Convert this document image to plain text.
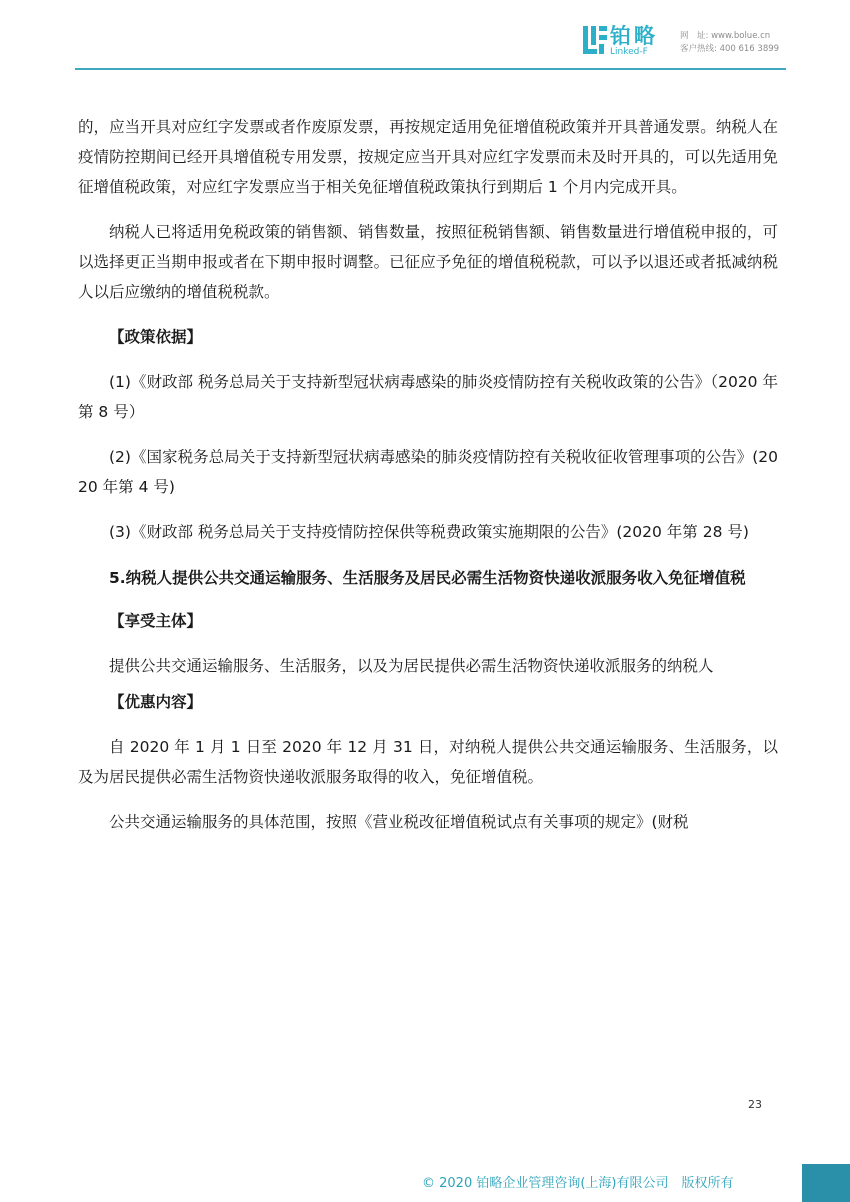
铂略
Linked-F
网　址: www.bolue.cn
客户热线: 400 616 3899

的，应当开具对应红字发票或者作废原发票，再按规定适用免征增值税政策并开具普通发票。纳税人在疫情防控期间已经开具增值税专用发票，按规定应当开具对应红字发票而未及时开具的，可以先适用免征增值税政策，对应红字发票应当于相关免征增值税政策执行到期后 1 个月内完成开具。

纳税人已将适用免税政策的销售额、销售数量，按照征税销售额、销售数量进行增值税申报的，可以选择更正当期申报或者在下期申报时调整。已征应予免征的增值税税款，可以予以退还或者抵减纳税人以后应缴纳的增值税税款。

【政策依据】

(1)《财政部 税务总局关于支持新型冠状病毒感染的肺炎疫情防控有关税收政策的公告》（2020 年第 8 号）

(2)《国家税务总局关于支持新型冠状病毒感染的肺炎疫情防控有关税收征收管理事项的公告》(2020 年第 4 号)

(3)《财政部 税务总局关于支持疫情防控保供等税费政策实施期限的公告》(2020 年第 28 号)

5.纳税人提供公共交通运输服务、生活服务及居民必需生活物资快递收派服务收入免征增值税

【享受主体】

提供公共交通运输服务、生活服务，以及为居民提供必需生活物资快递收派服务的纳税人

【优惠内容】

自 2020 年 1 月 1 日至 2020 年 12 月 31 日，对纳税人提供公共交通运输服务、生活服务，以及为居民提供必需生活物资快递收派服务取得的收入，免征增值税。

公共交通运输服务的具体范围，按照《营业税改征增值税试点有关事项的规定》(财税

23
© 2020 铂略企业管理咨询(上海)有限公司　版权所有
